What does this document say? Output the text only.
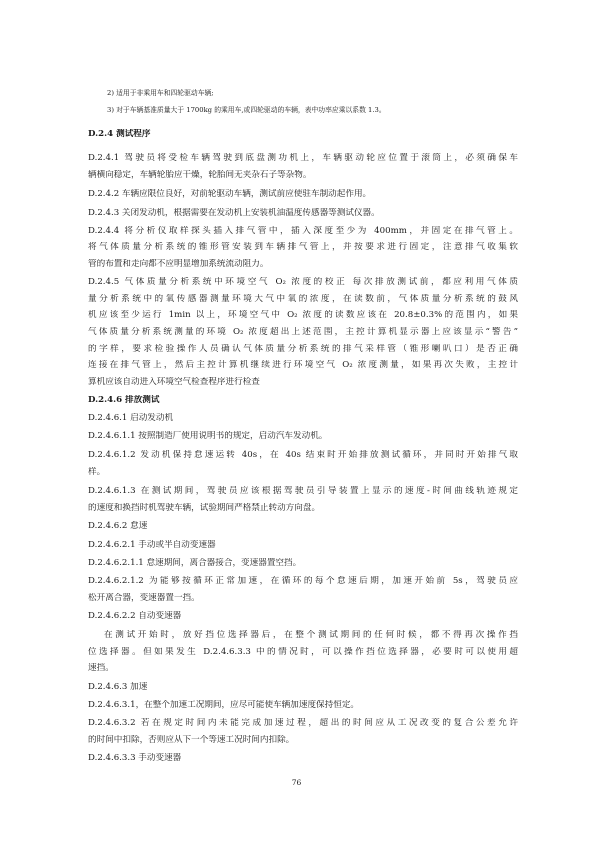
2) 适用于非乘用车和四轮驱动车辆;
3) 对于车辆基准质量大于 1700kg 的乘用车,或四轮驱动的车辆，表中功率应乘以系数 1.3。
D.2.4 测试程序
D.2.4.1 驾驶员将受检车辆驾驶到底盘测功机上，车辆驱动轮应位置于滚筒上，必须确保车
辆横向稳定，车辆轮胎应干燥，轮胎间无夹杂石子等杂物。
D.2.4.2 车辆应限位良好，对前轮驱动车辆，测试前应使驻车制动起作用。
D.2.4.3 关闭发动机，根据需要在发动机上安装机油温度传感器等测试仪器。
D.2.4.4 将分析仪取样探头插入排气管中，插入深度至少为 400mm，并固定在排气管上。
将气体质量分析系统的锥形管安装到车辆排气管上，并按要求进行固定，注意排气收集软
管的布置和走向都不应明显增加系统流动阻力。
D.2.4.5 气体质量分析系统中环境空气 O₂ 浓度的校正 每次排放测试前，都应利用气体质
量分析系统中的氧传感器测量环境大气中氧的浓度，在读数前，气体质量分析系统的鼓风
机应该至少运行 1min 以上，环境空气中 O₂ 浓度的读数应该在 20.8±0.3%的范围内，如果
气体质量分析系统测量的环境 O₂ 浓度超出上述范围，主控计算机显示器上应该显示“警告”
的字样，要求检验操作人员确认气体质量分析系统的排气采样管（锥形喇叭口）是否正确
连接在排气管上，然后主控计算机继续进行环境空气 O₂ 浓度测量，如果再次失败，主控计
算机应该自动进入环境空气检查程序进行检查
D.2.4.6 排放测试
D.2.4.6.1 启动发动机
D.2.4.6.1.1 按照制造厂使用说明书的规定，启动汽车发动机。
D.2.4.6.1.2 发动机保持怠速运转 40s，在 40s 结束时开始排放测试循环，并同时开始排气取
样。
D.2.4.6.1.3 在测试期间，驾驶员应该根据驾驶员引导装置上显示的速度-时间曲线轨迹规定
的速度和换挡时机驾驶车辆，试验期间严格禁止转动方向盘。
D.2.4.6.2 怠速
D.2.4.6.2.1 手动或半自动变速器
D.2.4.6.2.1.1 怠速期间，离合器接合，变速器置空挡。
D.2.4.6.2.1.2 为能够按循环正常加速，在循环的每个怠速后期，加速开始前 5s，驾驶员应
松开离合器，变速器置一挡。
D.2.4.6.2.2 自动变速器
在测试开始时，放好挡位选择器后，在整个测试期间的任何时候，都不得再次操作挡
位选择器。但如果发生 D.2.4.6.3.3 中的情况时，可以操作挡位选择器，必要时可以使用超
速挡。
D.2.4.6.3 加速
D.2.4.6.3.1，在整个加速工况期间，应尽可能使车辆加速度保持恒定。
D.2.4.6.3.2 若在规定时间内未能完成加速过程，超出的时间应从工况改变的复合公差允许
的时间中扣除，否则应从下一个等速工况时间内扣除。
D.2.4.6.3.3 手动变速器
76
